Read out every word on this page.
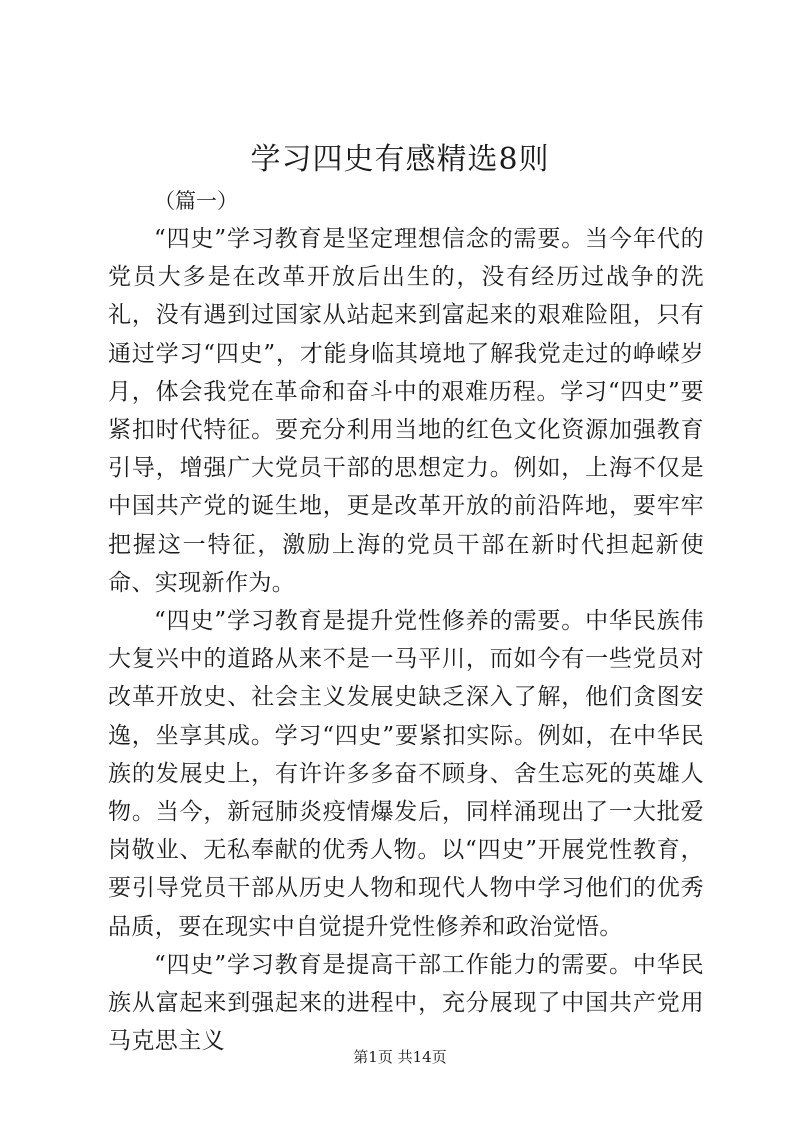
学习四史有感精选8则

（篇一）

“四史”学习教育是坚定理想信念的需要。当今年代的党员大多是在改革开放后出生的，没有经历过战争的洗礼，没有遇到过国家从站起来到富起来的艰难险阻，只有通过学习“四史”，才能身临其境地了解我党走过的峥嵘岁月，体会我党在革命和奋斗中的艰难历程。学习“四史”要紧扣时代特征。要充分利用当地的红色文化资源加强教育引导，增强广大党员干部的思想定力。例如，上海不仅是中国共产党的诞生地，更是改革开放的前沿阵地，要牢牢把握这一特征，激励上海的党员干部在新时代担起新使命、实现新作为。

“四史”学习教育是提升党性修养的需要。中华民族伟大复兴中的道路从来不是一马平川，而如今有一些党员对改革开放史、社会主义发展史缺乏深入了解，他们贪图安逸，坐享其成。学习“四史”要紧扣实际。例如，在中华民族的发展史上，有许许多多奋不顾身、舍生忘死的英雄人物。当今，新冠肺炎疫情爆发后，同样涌现出了一大批爱岗敬业、无私奉献的优秀人物。以“四史”开展党性教育，要引导党员干部从历史人物和现代人物中学习他们的优秀品质，要在现实中自觉提升党性修养和政治觉悟。

“四史”学习教育是提高干部工作能力的需要。中华民族从富起来到强起来的进程中，充分展现了中国共产党用马克思主义

第1页 共14页
